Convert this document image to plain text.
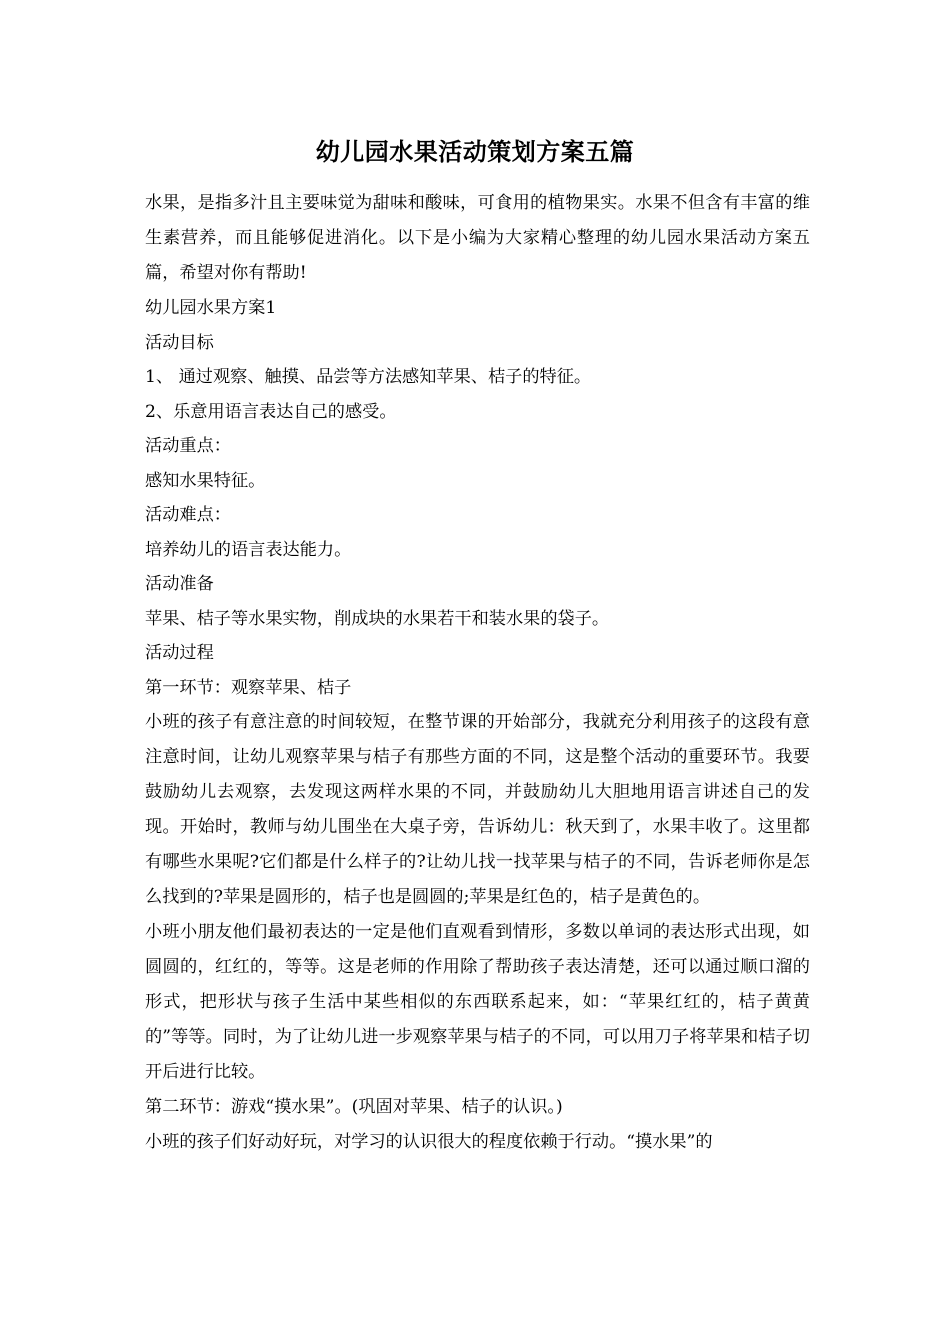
幼儿园水果活动策划方案五篇

水果，是指多汁且主要味觉为甜味和酸味，可食用的植物果实。水果不但含有丰富的维生素营养，而且能够促进消化。以下是小编为大家精心整理的幼儿园水果活动方案五篇，希望对你有帮助!

幼儿园水果方案1

活动目标

1、 通过观察、触摸、品尝等方法感知苹果、桔子的特征。

2、乐意用语言表达自己的感受。

活动重点：

感知水果特征。

活动难点：

培养幼儿的语言表达能力。

活动准备

苹果、桔子等水果实物，削成块的水果若干和装水果的袋子。

活动过程

第一环节：观察苹果、桔子

小班的孩子有意注意的时间较短，在整节课的开始部分，我就充分利用孩子的这段有意注意时间，让幼儿观察苹果与桔子有那些方面的不同，这是整个活动的重要环节。我要鼓励幼儿去观察，去发现这两样水果的不同，并鼓励幼儿大胆地用语言讲述自己的发现。开始时，教师与幼儿围坐在大桌子旁，告诉幼儿：秋天到了，水果丰收了。这里都有哪些水果呢?它们都是什么样子的?让幼儿找一找苹果与桔子的不同，告诉老师你是怎么找到的?苹果是圆形的，桔子也是圆圆的;苹果是红色的，桔子是黄色的。

小班小朋友他们最初表达的一定是他们直观看到情形，多数以单词的表达形式出现，如圆圆的，红红的，等等。这是老师的作用除了帮助孩子表达清楚，还可以通过顺口溜的形式，把形状与孩子生活中某些相似的东西联系起来，如：“苹果红红的，桔子黄黄的”等等。同时，为了让幼儿进一步观察苹果与桔子的不同，可以用刀子将苹果和桔子切开后进行比较。

第二环节：游戏“摸水果”。(巩固对苹果、桔子的认识。)

小班的孩子们好动好玩，对学习的认识很大的程度依赖于行动。“摸水果”的
